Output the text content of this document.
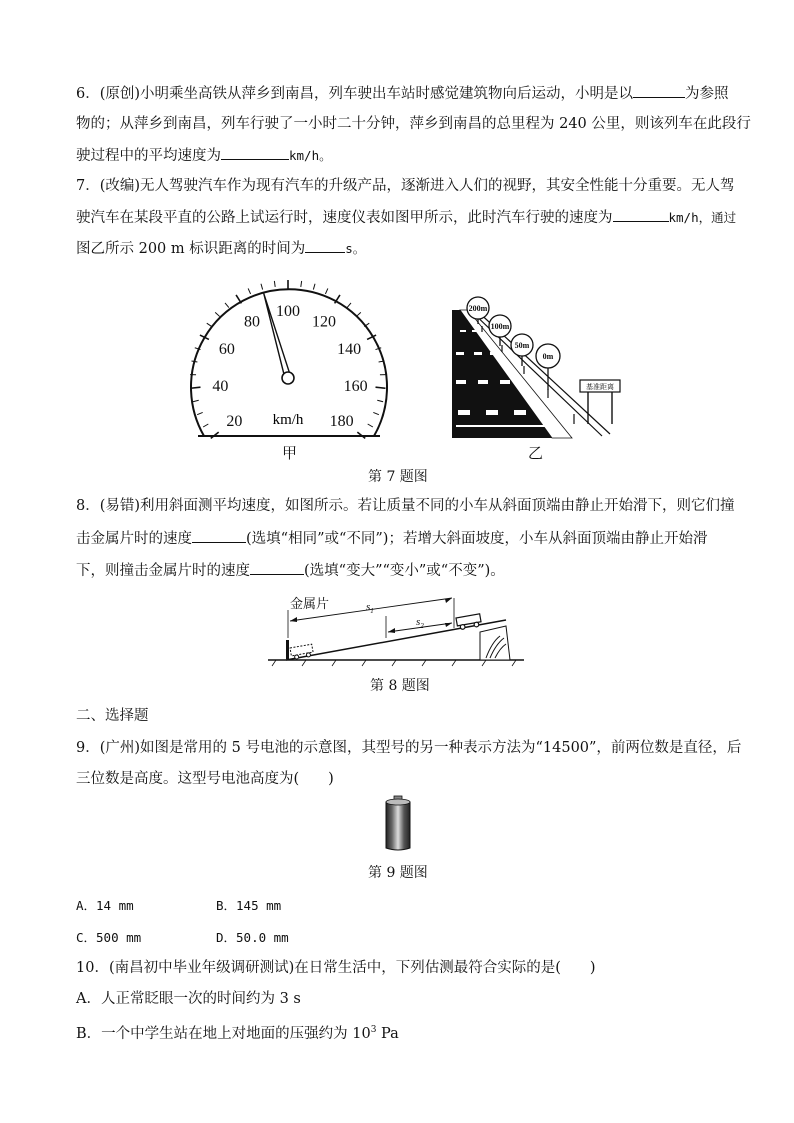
6．(原创)小明乘坐高铁从萍乡到南昌，列车驶出车站时感觉建筑物向后运动，小明是以	为参照
物的；从萍乡到南昌，列车行驶了一小时二十分钟，萍乡到南昌的总里程为 240 公里，则该列车在此段行
驶过程中的平均速度为	km/h。
7．(改编)无人驾驶汽车作为现有汽车的升级产品，逐渐进入人们的视野，其安全性能十分重要。无人驾
驶汽车在某段平直的公路上试运行时，速度仪表如图甲所示，此时汽车行驶的速度为	km/h，通过
图乙所示 200 m 标识距离的时间为	s。
20
40
60
80
100
120
140
160
180
km/h
甲
200m
100m
50m
0m
基准距离
乙
第 7 题图
8．(易错)利用斜面测平均速度，如图所示。若让质量不同的小车从斜面顶端由静止开始滑下，则它们撞
击金属片时的速度	(选填“相同”或“不同”)；若增大斜面坡度，小车从斜面顶端由静止开始滑
下，则撞击金属片时的速度	(选填“变大”“变小”或“不变”)。
金属片	$s_1$
$s_2$
第 8 题图
二、选择题
9．(广州)如图是常用的 5 号电池的示意图，其型号的另一种表示方法为“14500”，前两位数是直径，后
三位数是高度。这型号电池高度为(　　)
第 9 题图
A．14 mm	B．145 mm
C．500 mm	D．50.0 mm
10．(南昌初中毕业年级调研测试)在日常生活中，下列估测最符合实际的是(　　)
A．人正常眨眼一次的时间约为 3 s
B．一个中学生站在地上对地面的压强约为 $10^3$ Pa
